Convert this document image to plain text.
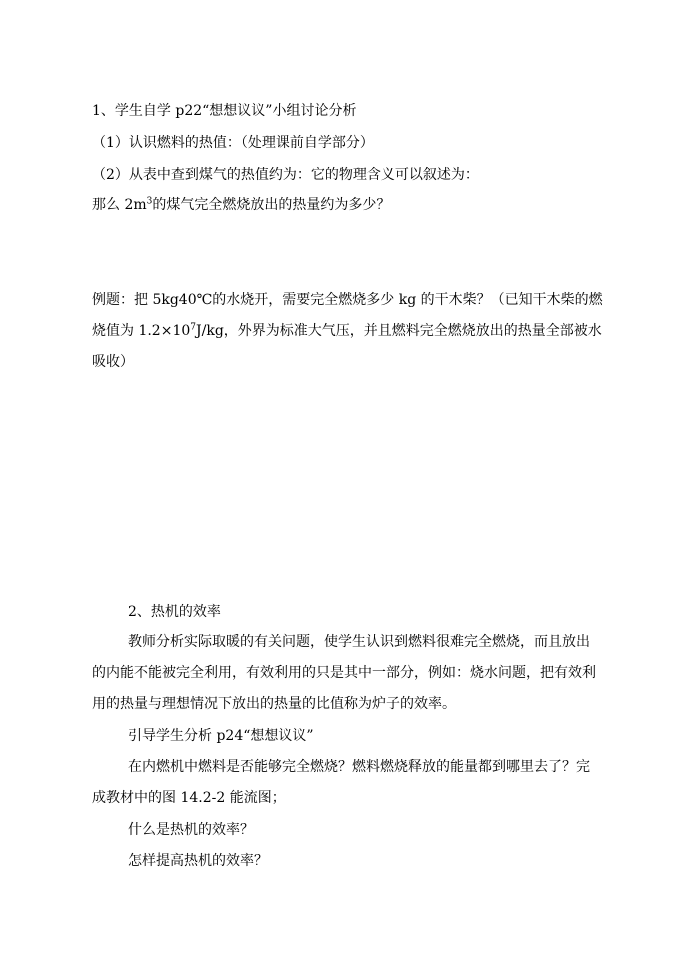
1、学生自学 p22“想想议议”小组讨论分析
（1）认识燃料的热值：（处理课前自学部分）
（2）从表中查到煤气的热值约为：它的物理含义可以叙述为：
那么 $2m^3$的煤气完全燃烧放出的热量约为多少？
例题：把 5kg40℃的水烧开，需要完全燃烧多少 kg 的干木柴？（已知干木柴的燃
烧值为 $1.2\times 10^7J/kg$，外界为标准大气压，并且燃料完全燃烧放出的热量全部被水
吸收）
2、热机的效率
教师分析实际取暖的有关问题，使学生认识到燃料很难完全燃烧，而且放出
的内能不能被完全利用，有效利用的只是其中一部分，例如：烧水问题，把有效利
用的热量与理想情况下放出的热量的比值称为炉子的效率。
引导学生分析 p24“想想议议”
在内燃机中燃料是否能够完全燃烧？燃料燃烧释放的能量都到哪里去了？完
成教材中的图 14.2-2 能流图；
什么是热机的效率？
怎样提高热机的效率？
